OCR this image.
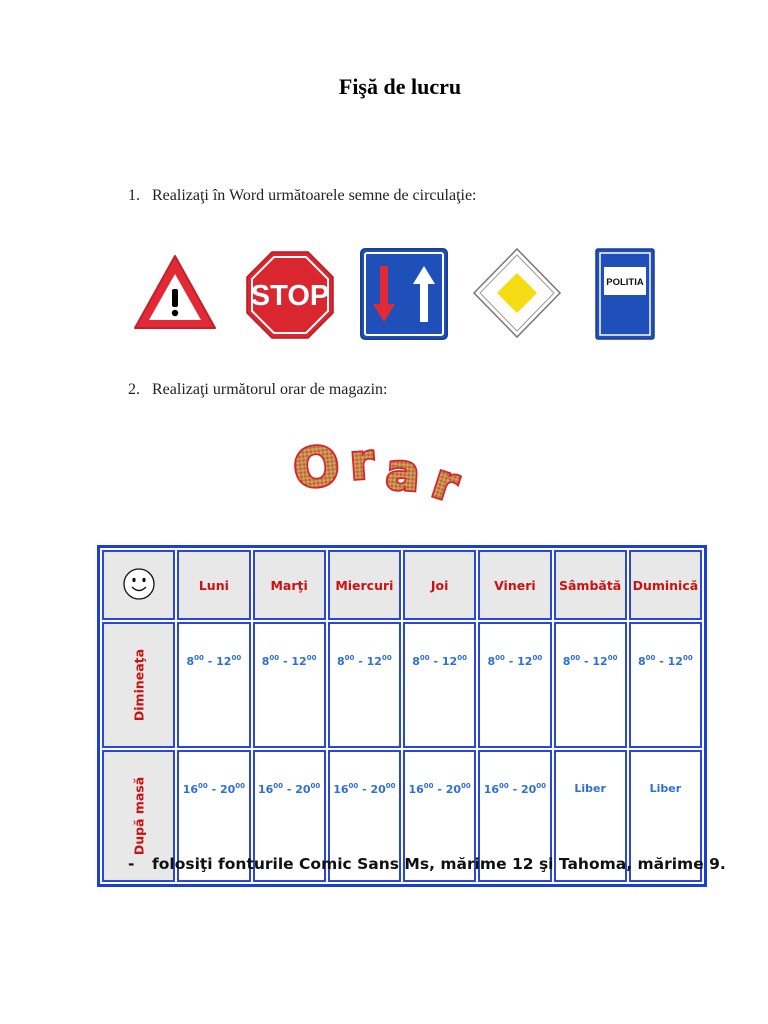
Fişă de lucru
1. Realizaţi în Word următoarele semne de circulaţie:
STOP	POLITIA
2. Realizaţi următorul orar de magazin:
O r a r
Orar
	Luni	Marţi	Miercuri	Joi	Vineri	Sâmbătă	Duminică

Dimineaţa	$8^{00} - 12^{00}$	$8^{00} - 12^{00}$	$8^{00} - 12^{00}$	$8^{00} - 12^{00}$	$8^{00} - 12^{00}$	$8^{00} - 12^{00}$	$8^{00} - 12^{00}$

După masă	$16^{00} - 20^{00}$	$16^{00} - 20^{00}$	$16^{00} - 20^{00}$	$16^{00} - 20^{00}$	$16^{00} - 20^{00}$	Liber	Liber
- folosiţi fonturile Comic Sans Ms, mărime 12 şi Tahoma, mărime 9.
